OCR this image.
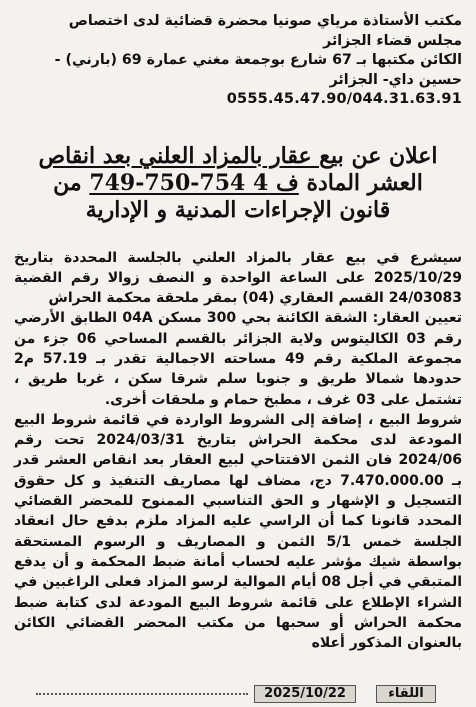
مكتب الأستاذة مرياي صونيا محضرة قضائية لدى اختصاص
مجلس قضاء الجزائر
الكائن مكتبها بـ 67 شارع بوجمعة مغني عمارة 69 (بارني) -
حسين داي- الجزائر
0555.45.47.90/044.31.63.91
اعلان عن بيع عقار بالمزاد العلني بعد انقاص
العشر المادة 749-750-754 ف 4 من
قانون الإجراءات المدنية و الإدارية
سيشرع في بيع عقار بالمزاد العلني بالجلسة المحددة بتاريخ 2025/10/29 على الساعة الواحدة و النصف زوالا رقم القضية 24/03083 القسم العقاري (04) بمقر ملحقة محكمة الحراش
تعيين العقار: الشقة الكائنة بحي 300 مسكن 04A الطابق الأرضي رقم 03 الكاليتوس ولاية الجزائر بالقسم المساحي 06 جزء من مجموعة الملكية رقم 49 مساحته الاجمالية تقدر بـ 57.19 م2 حدودها شمالا طريق و جنوبا سلم شرقا سكن ، غربا طريق ، تشتمل على 03 غرف ، مطبخ حمام و ملحقات أخرى.
شروط البيع ، إضافة إلى الشروط الواردة في قائمة شروط البيع المودعة لدى محكمة الحراش بتاريخ 2024/03/31 تحت رقم 2024/06 فان الثمن الافتتاحي لبيع العقار بعد انقاص العشر قدر بـ 7.470.000.00 دج، مضاف لها مصاريف التنفيذ و كل حقوق التسجيل و الإشهار و الحق التناسبي الممنوح للمحضر القضائي المحدد قانونا كما أن الراسي عليه المزاد ملزم بدفع حال انعقاد الجلسة خمس 5/1 الثمن و المصاريف و الرسوم المستحقة بواسطة شيك مؤشر عليه لحساب أمانة ضبط المحكمة و أن يدفع المتبقي في أجل 08 أيام الموالية لرسو المزاد فعلى الراغبين في الشراء الإطلاع على قائمة شروط البيع المودعة لدى كتابة ضبط محكمة الحراش أو سحبها من مكتب المحضر القضائي الكائن بالعنوان المذكور أعلاه
اللقاء
2025/10/22
